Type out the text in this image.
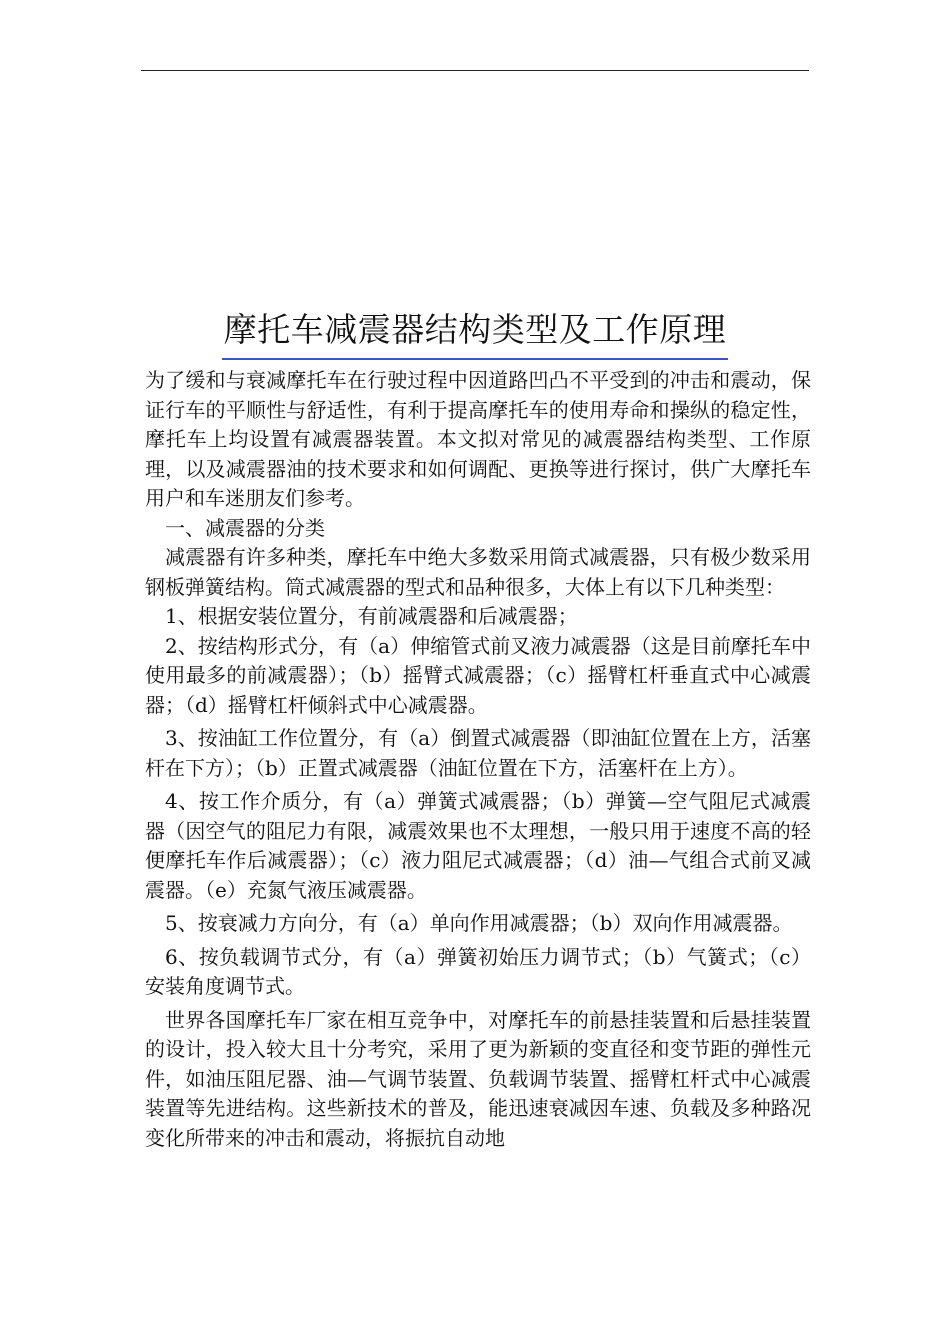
摩托车减震器结构类型及工作原理

为了缓和与衰减摩托车在行驶过程中因道路凹凸不平受到的冲击和震动，保证行车的平顺性与舒适性，有利于提高摩托车的使用寿命和操纵的稳定性，摩托车上均设置有减震器装置。本文拟对常见的减震器结构类型、工作原理，以及减震器油的技术要求和如何调配、更换等进行探讨，供广大摩托车用户和车迷朋友们参考。

一、减震器的分类

减震器有许多种类，摩托车中绝大多数采用筒式减震器，只有极少数采用钢板弹簧结构。筒式减震器的型式和品种很多，大体上有以下几种类型：

1、根据安装位置分，有前减震器和后减震器；

2、按结构形式分，有（a）伸缩管式前叉液力减震器（这是目前摩托车中使用最多的前减震器）；（b）摇臂式减震器；（c）摇臂杠杆垂直式中心减震器；（d）摇臂杠杆倾斜式中心减震器。

3、按油缸工作位置分，有（a）倒置式减震器（即油缸位置在上方，活塞杆在下方）；（b）正置式减震器（油缸位置在下方，活塞杆在上方）。

4、按工作介质分，有（a）弹簧式减震器；（b）弹簧—空气阻尼式减震器（因空气的阻尼力有限，减震效果也不太理想，一般只用于速度不高的轻便摩托车作后减震器）；（c）液力阻尼式减震器；（d）油—气组合式前叉减震器。（e）充氮气液压减震器。

5、按衰减力方向分，有（a）单向作用减震器；（b）双向作用减震器。

6、按负载调节式分，有（a）弹簧初始压力调节式；（b）气簧式；（c）安装角度调节式。

世界各国摩托车厂家在相互竞争中，对摩托车的前悬挂装置和后悬挂装置的设计，投入较大且十分考究，采用了更为新颖的变直径和变节距的弹性元件，如油压阻尼器、油—气调节装置、负载调节装置、摇臂杠杆式中心减震装置等先进结构。这些新技术的普及，能迅速衰减因车速、负载及多种路况变化所带来的冲击和震动，将振抗自动地
